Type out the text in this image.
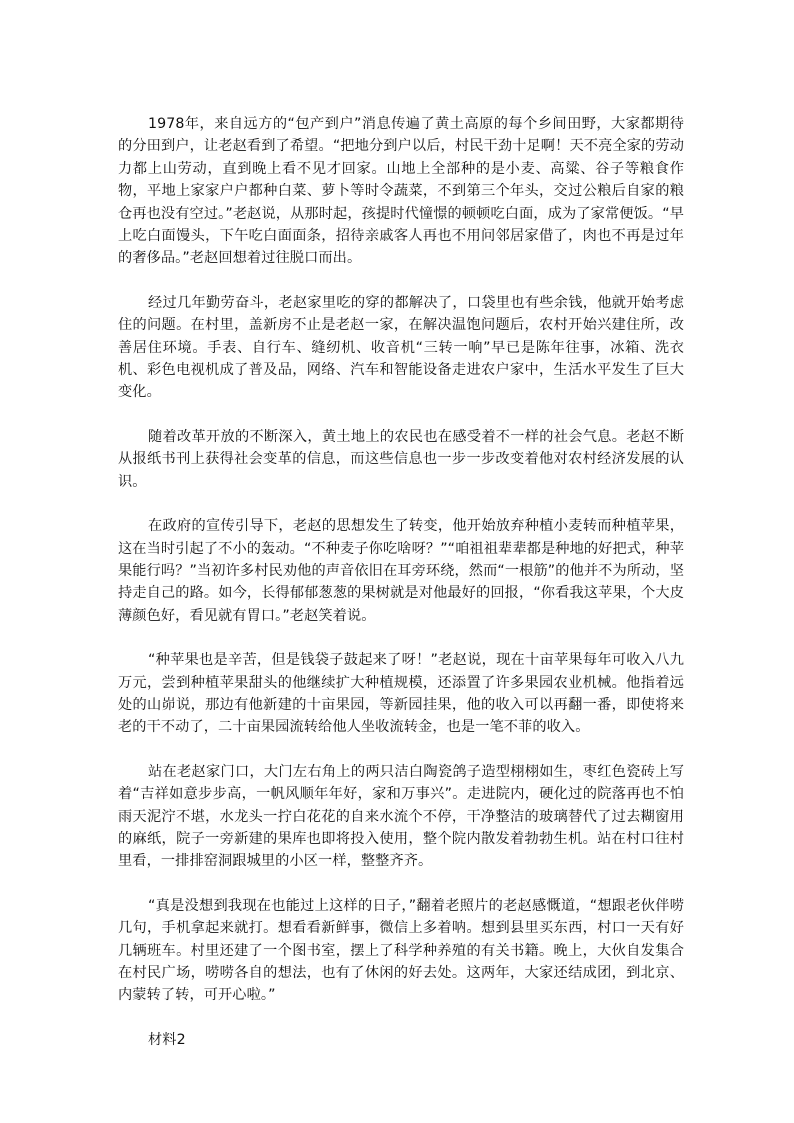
1978年，来自远方的“包产到户”消息传遍了黄土高原的每个乡间田野，大家都期待的分田到户，让老赵看到了希望。“把地分到户以后，村民干劲十足啊！天不亮全家的劳动力都上山劳动，直到晚上看不见才回家。山地上全部种的是小麦、高粱、谷子等粮食作物，平地上家家户户都种白菜、萝卜等时令蔬菜，不到第三个年头，交过公粮后自家的粮仓再也没有空过。”老赵说，从那时起，孩提时代憧憬的顿顿吃白面，成为了家常便饭。“早上吃白面馒头，下午吃白面面条，招待亲戚客人再也不用问邻居家借了，肉也不再是过年的奢侈品。”老赵回想着过往脱口而出。

经过几年勤劳奋斗，老赵家里吃的穿的都解决了，口袋里也有些余钱，他就开始考虑住的问题。在村里，盖新房不止是老赵一家，在解决温饱问题后，农村开始兴建住所，改善居住环境。手表、自行车、缝纫机、收音机“三转一响”早已是陈年往事，冰箱、洗衣机、彩色电视机成了普及品，网络、汽车和智能设备走进农户家中，生活水平发生了巨大变化。

随着改革开放的不断深入，黄土地上的农民也在感受着不一样的社会气息。老赵不断从报纸书刊上获得社会变革的信息，而这些信息也一步一步改变着他对农村经济发展的认识。

在政府的宣传引导下，老赵的思想发生了转变，他开始放弃种植小麦转而种植苹果，这在当时引起了不小的轰动。“不种麦子你吃啥呀？”“咱祖祖辈辈都是种地的好把式，种苹果能行吗？”当初许多村民劝他的声音依旧在耳旁环绕，然而“一根筋”的他并不为所动，坚持走自己的路。如今，长得郁郁葱葱的果树就是对他最好的回报，“你看我这苹果，个大皮薄颜色好，看见就有胃口。”老赵笑着说。

“种苹果也是辛苦，但是钱袋子鼓起来了呀！”老赵说，现在十亩苹果每年可收入八九万元，尝到种植苹果甜头的他继续扩大种植规模，还添置了许多果园农业机械。他指着远处的山峁说，那边有他新建的十亩果园，等新园挂果，他的收入可以再翻一番，即使将来老的干不动了，二十亩果园流转给他人坐收流转金，也是一笔不菲的收入。

站在老赵家门口，大门左右角上的两只洁白陶瓷鸽子造型栩栩如生，枣红色瓷砖上写着“吉祥如意步步高，一帆风顺年年好，家和万事兴”。走进院内，硬化过的院落再也不怕雨天泥泞不堪，水龙头一拧白花花的自来水流个不停，干净整洁的玻璃替代了过去糊窗用的麻纸，院子一旁新建的果库也即将投入使用，整个院内散发着勃勃生机。站在村口往村里看，一排排窑洞跟城里的小区一样，整整齐齐。

“真是没想到我现在也能过上这样的日子，”翻着老照片的老赵感慨道，“想跟老伙伴唠几句，手机拿起来就打。想看看新鲜事，微信上多着呐。想到县里买东西，村口一天有好几辆班车。村里还建了一个图书室，摆上了科学种养殖的有关书籍。晚上，大伙自发集合在村民广场，唠唠各自的想法，也有了休闲的好去处。这两年，大家还结成团，到北京、内蒙转了转，可开心啦。”

材料2
